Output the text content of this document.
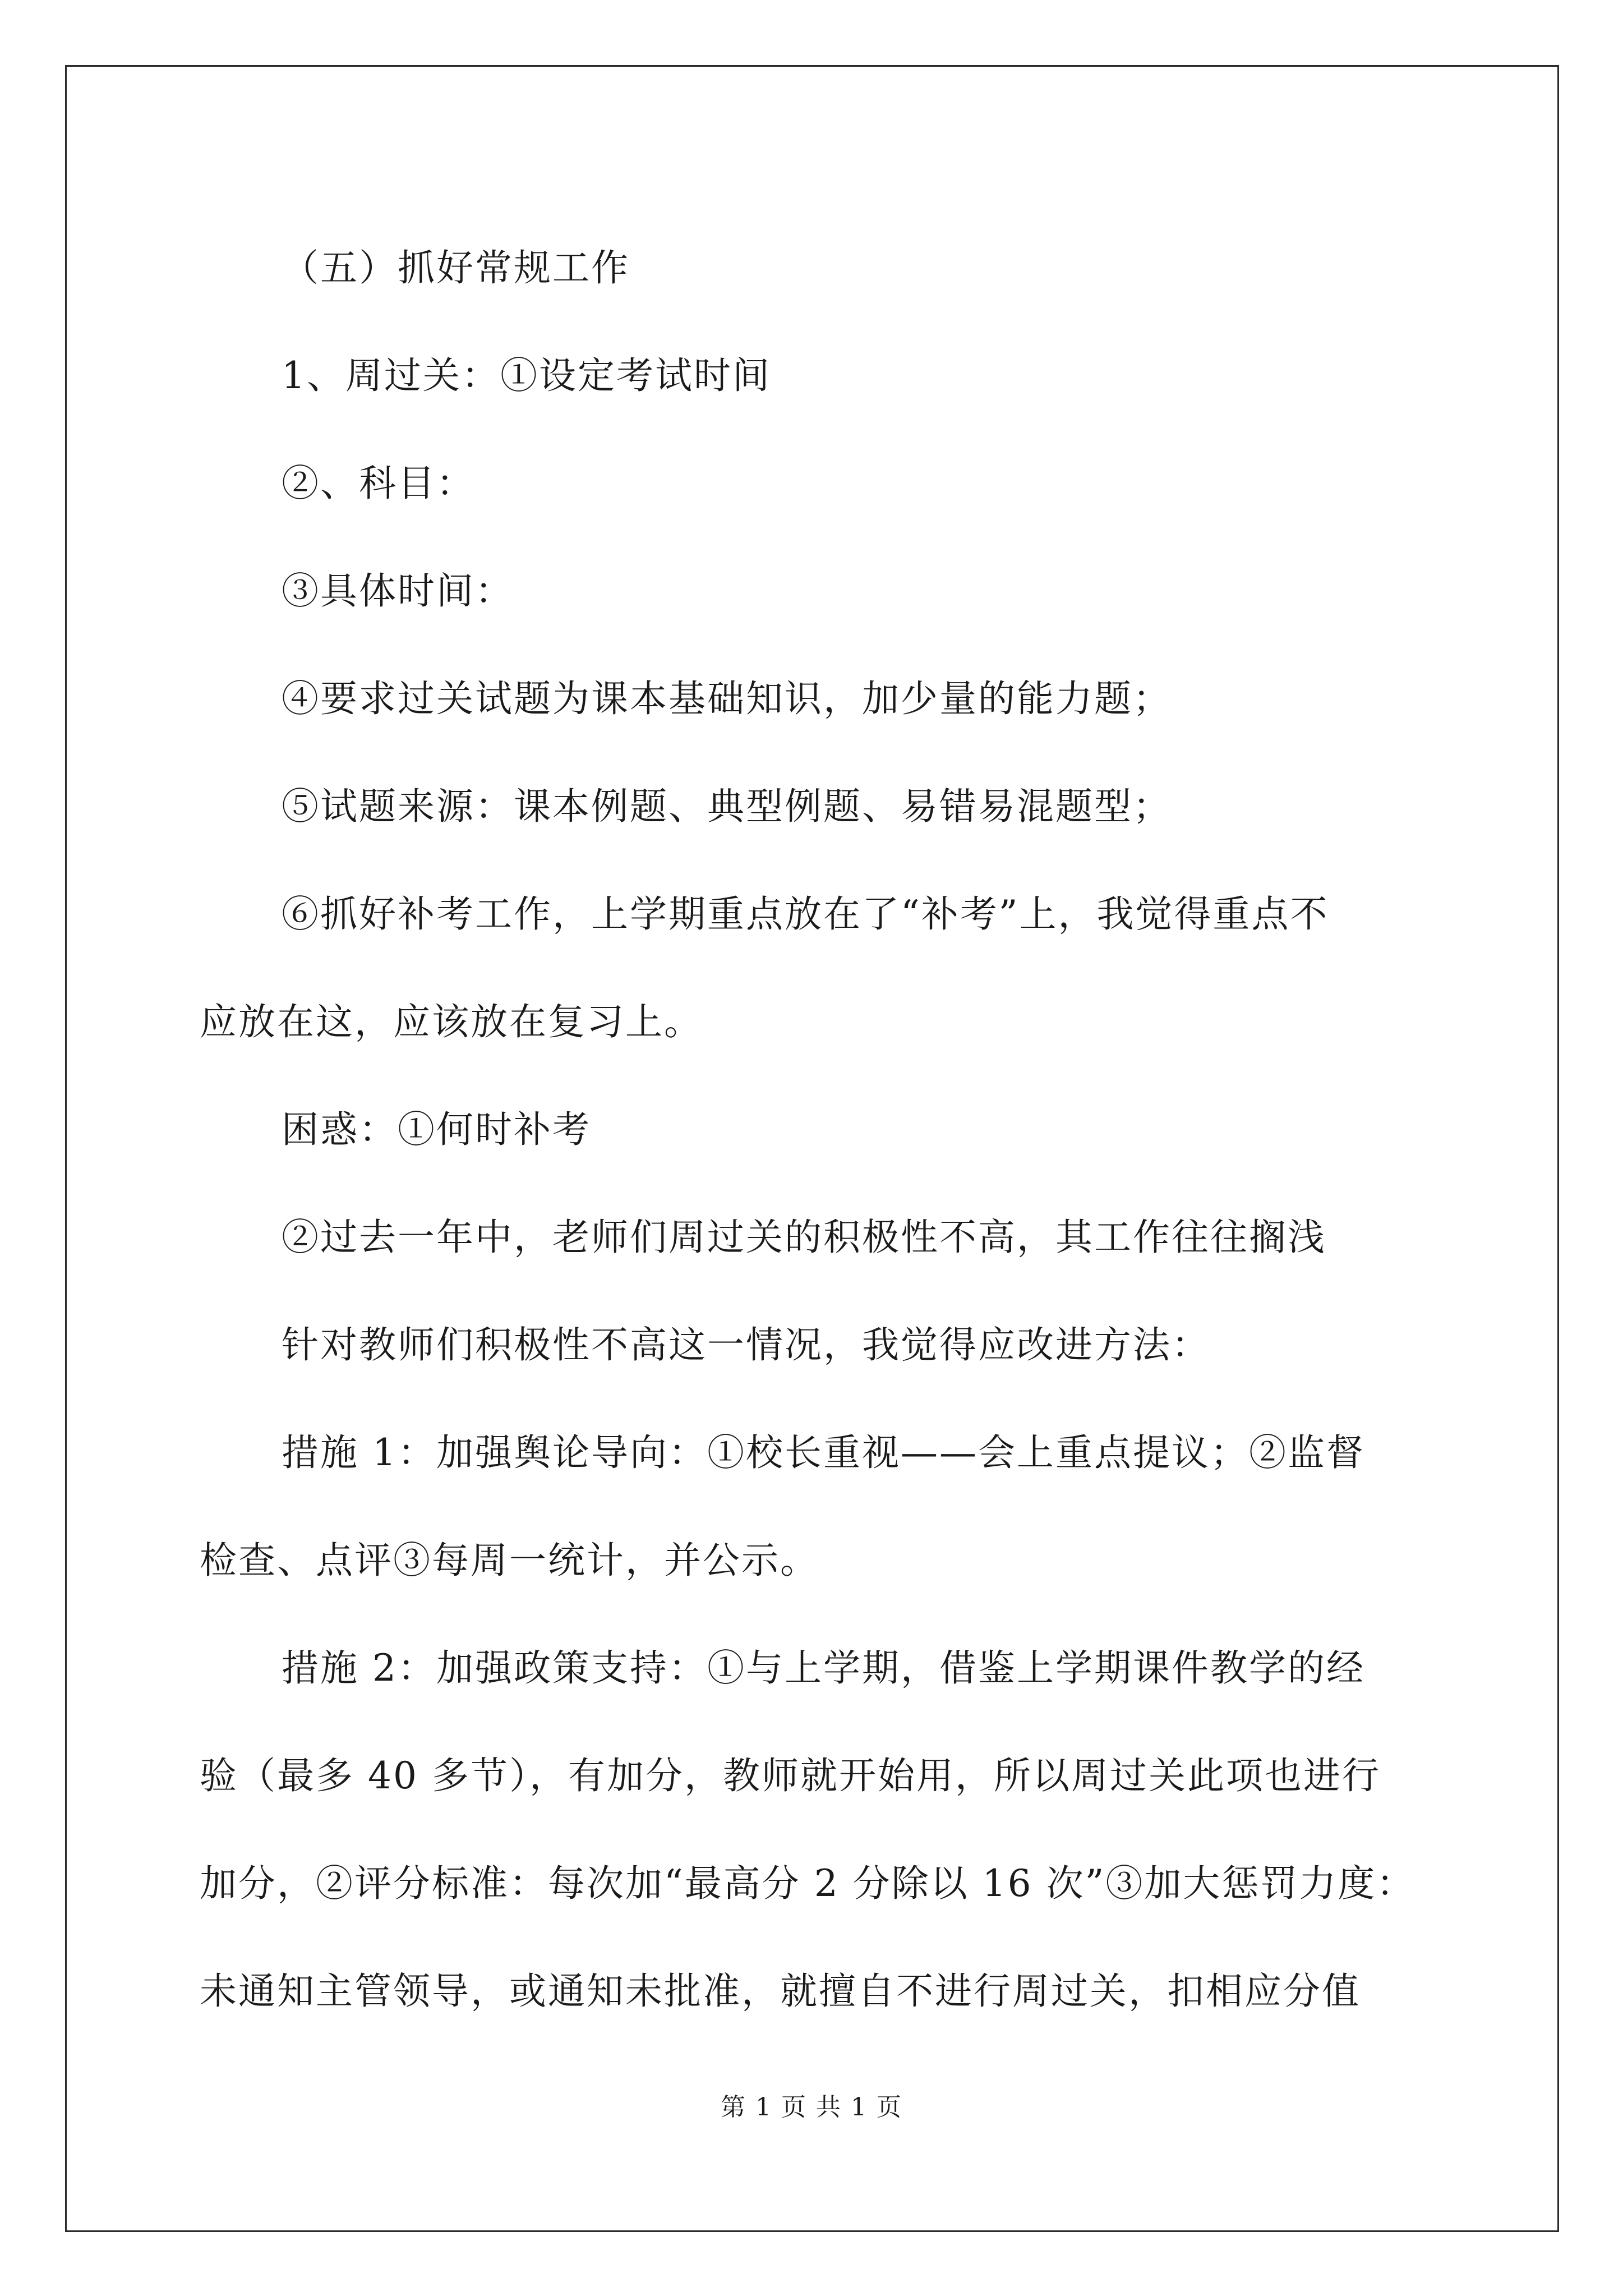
（五）抓好常规工作

1、周过关：①设定考试时间

②、科目：

③具体时间：

④要求过关试题为课本基础知识，加少量的能力题；

⑤试题来源：课本例题、典型例题、易错易混题型；

⑥抓好补考工作，上学期重点放在了“补考”上，我觉得重点不

应放在这，应该放在复习上。

困惑：①何时补考

②过去一年中，老师们周过关的积极性不高，其工作往往搁浅

针对教师们积极性不高这一情况，我觉得应改进方法：

措施 1：加强舆论导向：①校长重视——会上重点提议；②监督

检查、点评③每周一统计，并公示。

措施 2：加强政策支持：①与上学期，借鉴上学期课件教学的经

验（最多 40 多节），有加分，教师就开始用，所以周过关此项也进行

加分，②评分标准：每次加“最高分 2 分除以 16 次”③加大惩罚力度：

未通知主管领导，或通知未批准，就擅自不进行周过关，扣相应分值

第 1 页 共 1 页
